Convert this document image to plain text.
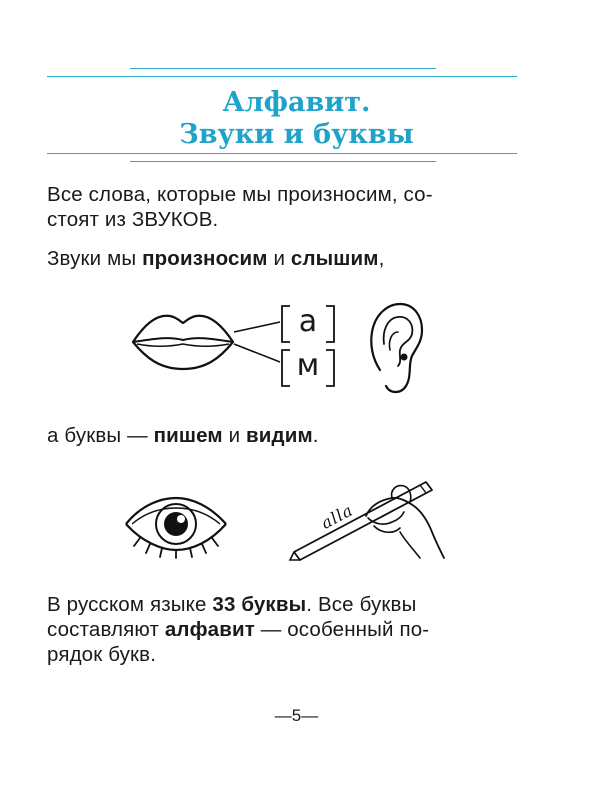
Алфавит.
Звуки и буквы
Все слова, которые мы произносим, со-
стоят из ЗВУКОВ.
Звуки мы произносим и слышим,
а
м
а буквы — пишем и видим.
alla
В русском языке 33 буквы. Все буквы
составляют алфавит — особенный по-
рядок букв.
—5—
